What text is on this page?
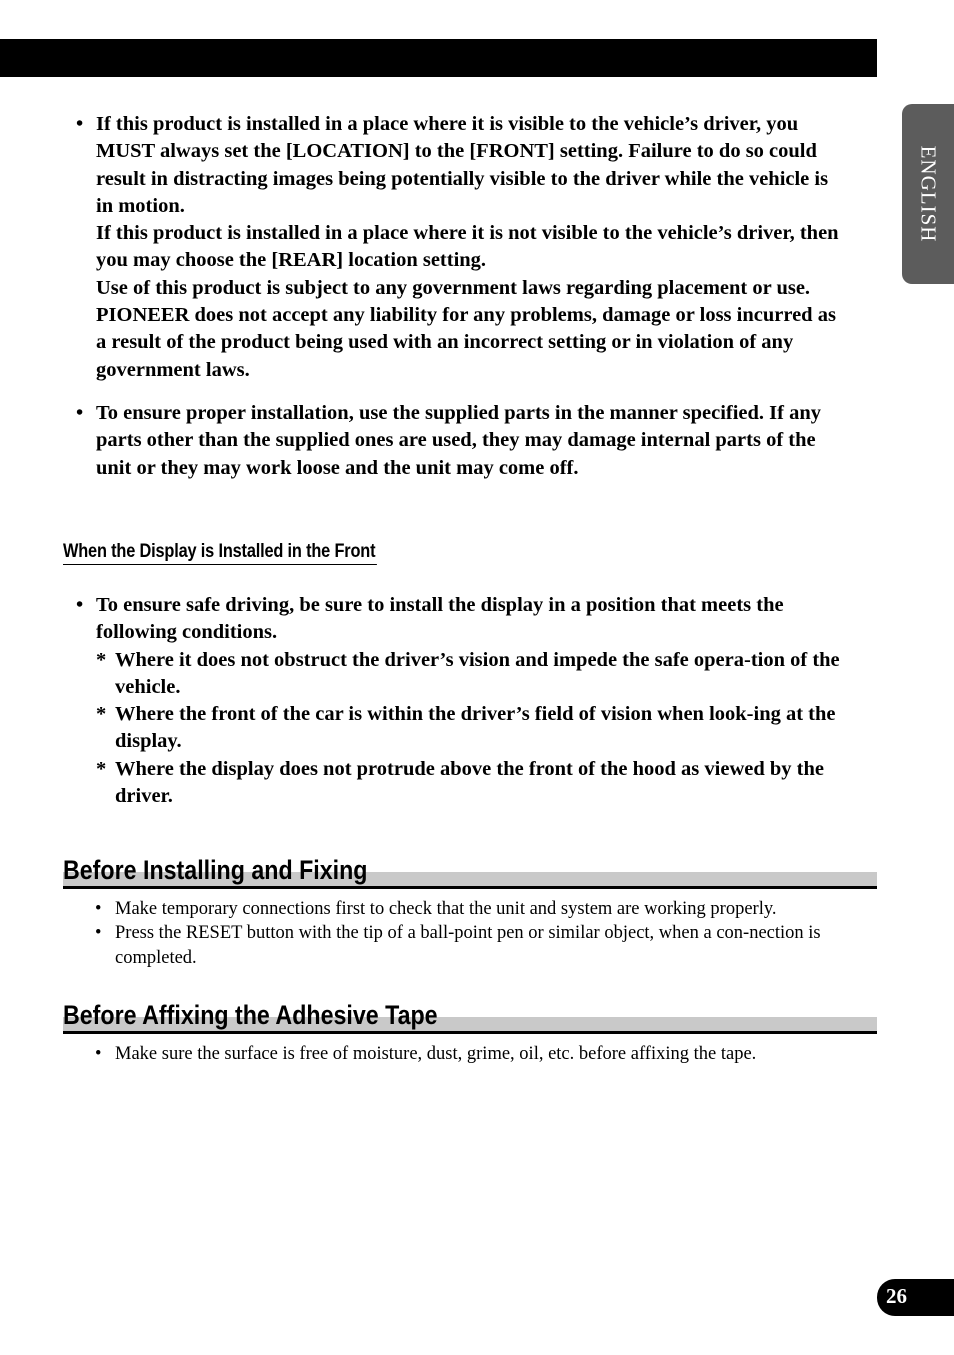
ENGLISH
• If this product is installed in a place where it is visible to the vehicle’s driver, you MUST always set the [LOCATION] to the [FRONT] setting. Failure to do so could result in distracting images being potentially visible to the driver while the vehicle is in motion.

If this product is installed in a place where it is not visible to the vehicle’s driver, then you may choose the [REAR] location setting.

Use of this product is subject to any government laws regarding placement or use.

PIONEER does not accept any liability for any problems, damage or loss incurred as a result of the product being used with an incorrect setting or in violation of any government laws.

• To ensure proper installation, use the supplied parts in the manner specified. If any parts other than the supplied ones are used, they may damage internal parts of the unit or they may work loose and the unit may come off.

When the Display is Installed in the Front
• To ensure safe driving, be sure to install the display in a position that meets the following conditions.

* Where it does not obstruct the driver’s vision and impede the safe opera-tion of the vehicle.
* Where the front of the car is within the driver’s field of vision when look-ing at the display.
* Where the display does not protrude above the front of the hood as viewed by the driver.
Before Installing and Fixing
• Make temporary connections first to check that the unit and system are working properly.
• Press the RESET button with the tip of a ball-point pen or similar object, when a con-nection is completed.
Before Affixing the Adhesive Tape
• Make sure the surface is free of moisture, dust, grime, oil, etc. before affixing the tape.
26
